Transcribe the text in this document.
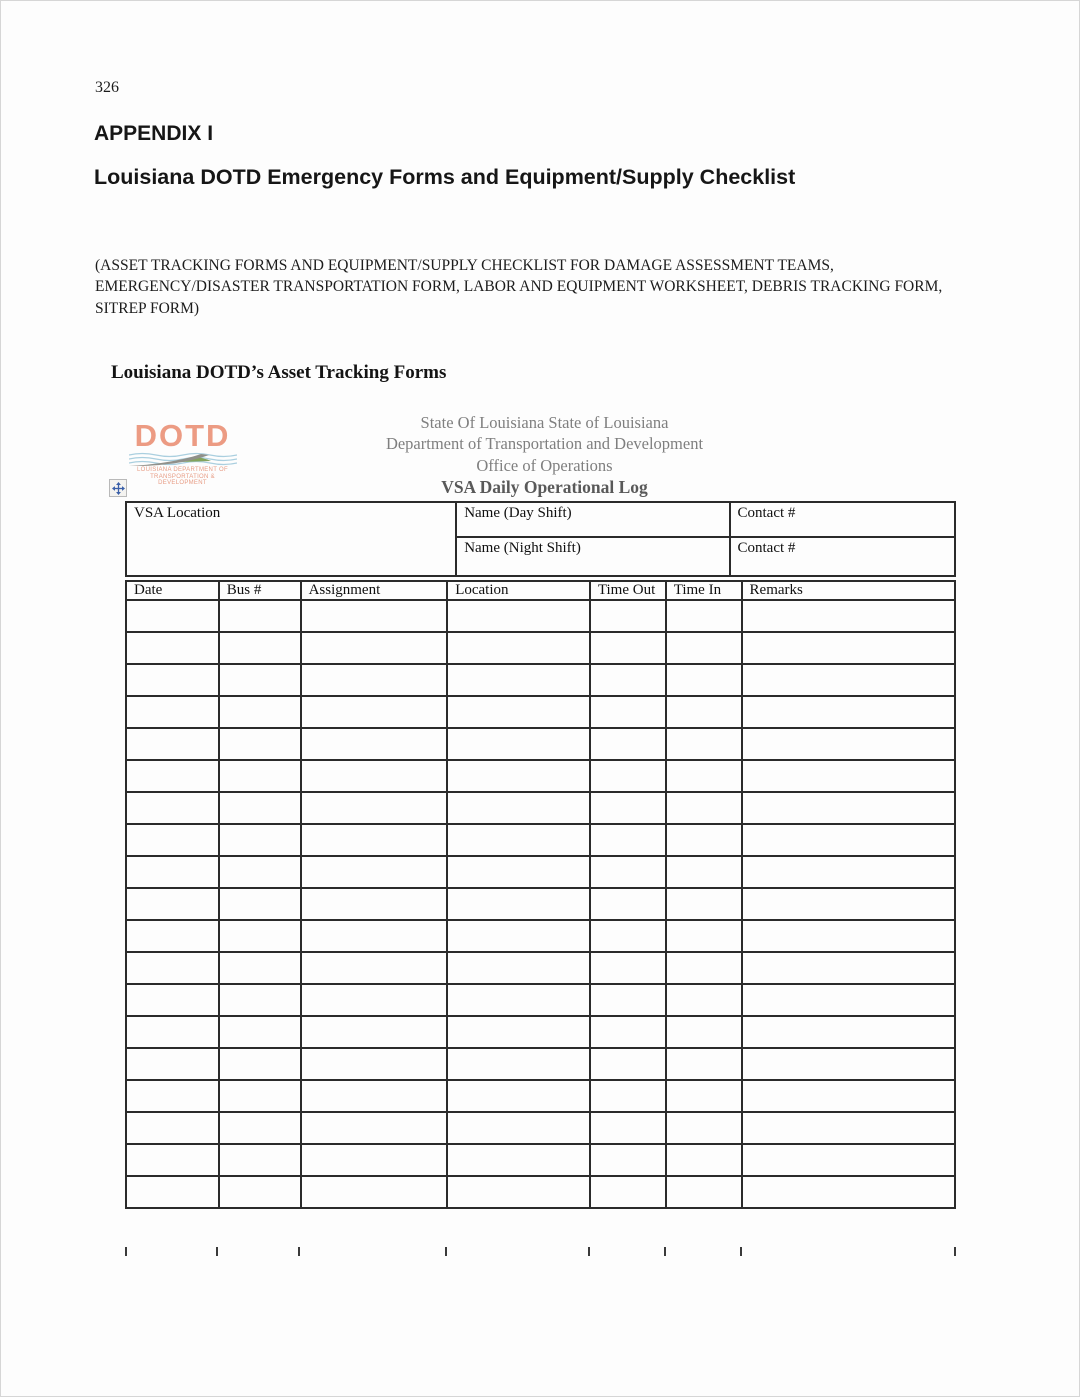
326
APPENDIX I
Louisiana DOTD Emergency Forms and Equipment/Supply Checklist
(ASSET TRACKING FORMS AND EQUIPMENT/SUPPLY CHECKLIST FOR DAMAGE ASSESSMENT TEAMS, EMERGENCY/DISASTER TRANSPORTATION FORM, LABOR AND EQUIPMENT WORKSHEET, DEBRIS TRACKING FORM, SITREP FORM)
Louisiana DOTD’s Asset Tracking Forms
DOTD
LOUISIANA DEPARTMENT OF
TRANSPORTATION & DEVELOPMENT
State Of Louisiana State of Louisiana
Department of Transportation and Development
Office of Operations
VSA Daily Operational Log
VSA Location	Name (Day Shift)	Contact #
	Name (Night Shift)	Contact #
Date	Bus #	Assignment	Location	Time Out	Time In	Remarks
